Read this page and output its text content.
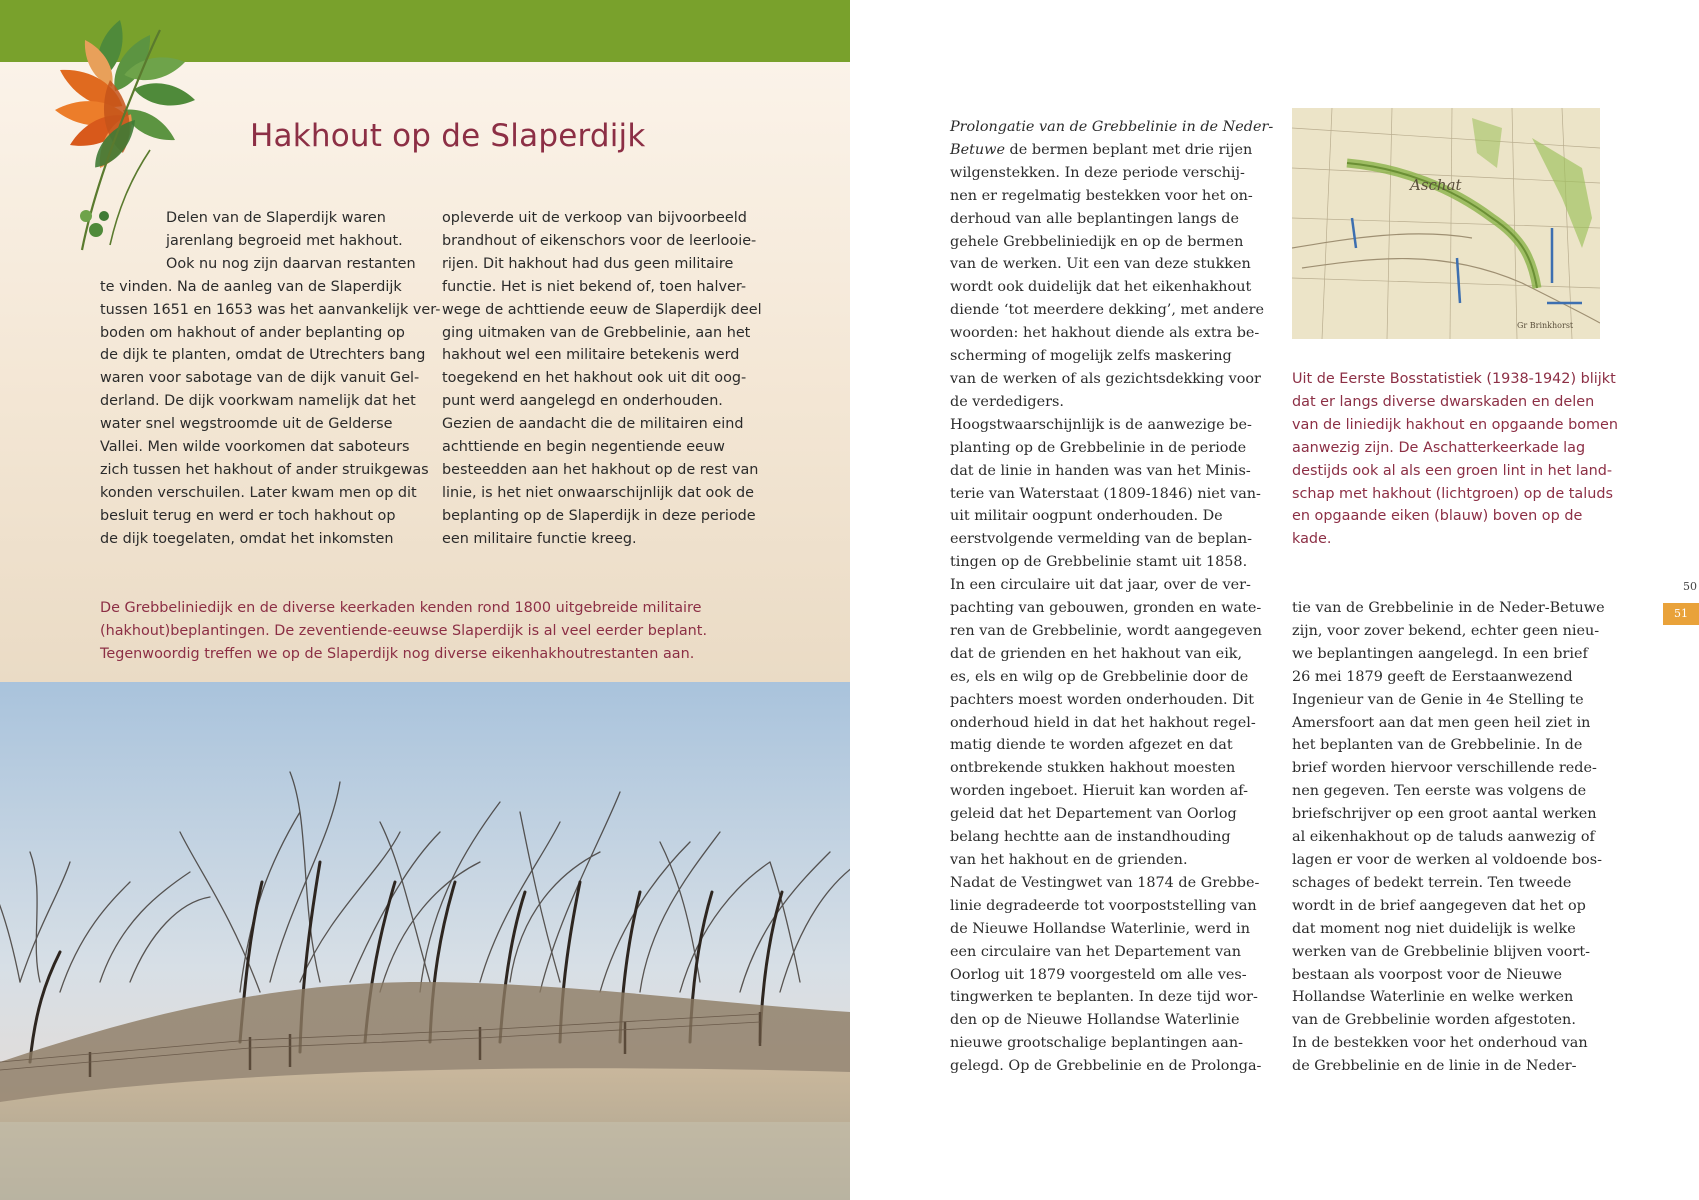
Hakhout op de Slaperdijk
Delen van de Slaperdijk waren
jarenlang begroeid met hakhout.
Ook nu nog zijn daarvan restanten
te vinden. Na de aanleg van de Slaperdijk
tussen 1651 en 1653 was het aanvankelijk ver-
boden om hakhout of ander beplanting op
de dijk te planten, omdat de Utrechters bang
waren voor sabotage van de dijk vanuit Gel-
derland. De dijk voorkwam namelijk dat het
water snel wegstroomde uit de Gelderse
Vallei. Men wilde voorkomen dat saboteurs
zich tussen het hakhout of ander struikgewas
konden verschuilen. Later kwam men op dit
besluit terug en werd er toch hakhout op
de dijk toegelaten, omdat het inkomsten
opleverde uit de verkoop van bijvoorbeeld
brandhout of eikenschors voor de leerlooie-
rijen. Dit hakhout had dus geen militaire
functie. Het is niet bekend of, toen halver-
wege de achttiende eeuw de Slaperdijk deel
ging uitmaken van de Grebbelinie, aan het
hakhout wel een militaire betekenis werd
toegekend en het hakhout ook uit dit oog-
punt werd aangelegd en onderhouden.
Gezien de aandacht die de militairen eind
achttiende en begin negentiende eeuw
besteedden aan het hakhout op de rest van
linie, is het niet onwaarschijnlijk dat ook de
beplanting op de Slaperdijk in deze periode
een militaire functie kreeg.
De Grebbeliniedijk en de diverse keerkaden kenden rond 1800 uitgebreide militaire
(hakhout)beplantingen. De zeventiende-eeuwse Slaperdijk is al veel eerder beplant.
Tegenwoordig treffen we op de Slaperdijk nog diverse eikenhakhoutrestanten aan.
Prolongatie van de Grebbelinie in de Neder-
Betuwe de bermen beplant met drie rijen
wilgenstekken. In deze periode verschij-
nen er regelmatig bestekken voor het on-
derhoud van alle beplantingen langs de
gehele Grebbeliniedijk en op de bermen
van de werken. Uit een van deze stukken
wordt ook duidelijk dat het eikenhakhout
diende ‘tot meerdere dekking’, met andere
woorden: het hakhout diende als extra be-
scherming of mogelijk zelfs maskering
van de werken of als gezichtsdekking voor
de verdedigers.
Hoogstwaarschijnlijk is de aanwezige be-
planting op de Grebbelinie in de periode
dat de linie in handen was van het Minis-
terie van Waterstaat (1809-1846) niet van-
uit militair oogpunt onderhouden. De
eerstvolgende vermelding van de beplan-
tingen op de Grebbelinie stamt uit 1858.
In een circulaire uit dat jaar, over de ver-
pachting van gebouwen, gronden en wate-
ren van de Grebbelinie, wordt aangegeven
dat de grienden en het hakhout van eik,
es, els en wilg op de Grebbelinie door de
pachters moest worden onderhouden. Dit
onderhoud hield in dat het hakhout regel-
matig diende te worden afgezet en dat
ontbrekende stukken hakhout moesten
worden ingeboet. Hieruit kan worden af-
geleid dat het Departement van Oorlog
belang hechtte aan de instandhouding
van het hakhout en de grienden.
Nadat de Vestingwet van 1874 de Grebbe-
linie degradeerde tot voorpoststelling van
de Nieuwe Hollandse Waterlinie, werd in
een circulaire van het Departement van
Oorlog uit 1879 voorgesteld om alle ves-
tingwerken te beplanten. In deze tijd wor-
den op de Nieuwe Hollandse Waterlinie
nieuwe grootschalige beplantingen aan-
gelegd. Op de Grebbelinie en de Prolonga-
Aschat
Gr Brinkhorst
Uit de Eerste Bosstatistiek (1938-1942) blijkt
dat er langs diverse dwarskaden en delen
van de liniedijk hakhout en opgaande bomen
aanwezig zijn. De Aschatterkeerkade lag
destijds ook al als een groen lint in het land-
schap met hakhout (lichtgroen) op de taluds
en opgaande eiken (blauw) boven op de
kade.
tie van de Grebbelinie in de Neder-Betuwe
zijn, voor zover bekend, echter geen nieu-
we beplantingen aangelegd. In een brief
26 mei 1879 geeft de Eerstaanwezend
Ingenieur van de Genie in 4e Stelling te
Amersfoort aan dat men geen heil ziet in
het beplanten van de Grebbelinie. In de
brief worden hiervoor verschillende rede-
nen gegeven. Ten eerste was volgens de
briefschrijver op een groot aantal werken
al eikenhakhout op de taluds aanwezig of
lagen er voor de werken al voldoende bos-
schages of bedekt terrein. Ten tweede
wordt in de brief aangegeven dat het op
dat moment nog niet duidelijk is welke
werken van de Grebbelinie blijven voort-
bestaan als voorpost voor de Nieuwe
Hollandse Waterlinie en welke werken
van de Grebbelinie worden afgestoten.
In de bestekken voor het onderhoud van
de Grebbelinie en de linie in de Neder-
50
51
